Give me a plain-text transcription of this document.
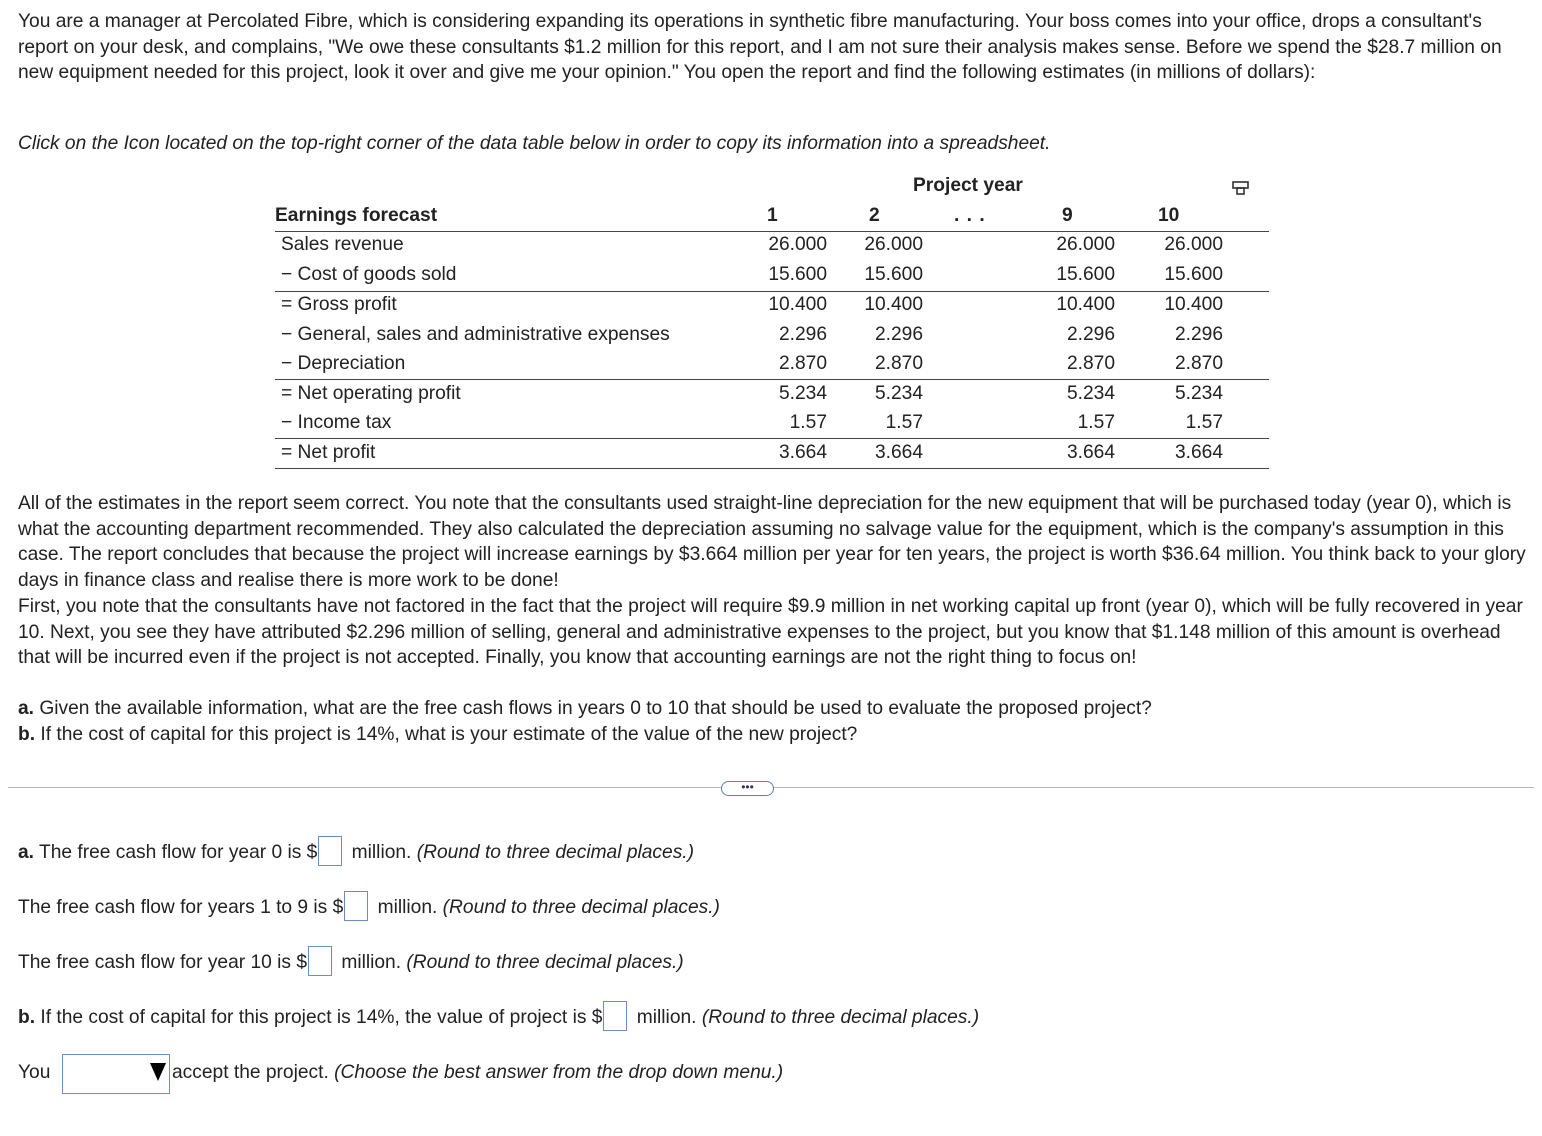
You are a manager at Percolated Fibre, which is considering expanding its operations in synthetic fibre manufacturing. Your boss comes into your office, drops a consultant's report on your desk, and complains, "We owe these consultants $1.2 million for this report, and I am not sure their analysis makes sense. Before we spend the $28.7 million on new equipment needed for this project, look it over and give me your opinion." You open the report and find the following estimates (in millions of dollars):

Click on the Icon located on the top-right corner of the data table below in order to copy its information into a spreadsheet.
Project year
Earnings forecast	1	2	. . .	9	10
Sales revenue	26.000	26.000	26.000	26.000
− Cost of goods sold	15.600	15.600	15.600	15.600
= Gross profit	10.400	10.400	10.400	10.400
− General, sales and administrative expenses	2.296	2.296	2.296	2.296
− Depreciation	2.870	2.870	2.870	2.870
= Net operating profit	5.234	5.234	5.234	5.234
− Income tax	1.57	1.57	1.57	1.57
= Net profit	3.664	3.664	3.664	3.664

All of the estimates in the report seem correct. You note that the consultants used straight-line depreciation for the new equipment that will be purchased today (year 0), which is what the accounting department recommended. They also calculated the depreciation assuming no salvage value for the equipment, which is the company's assumption in this case. The report concludes that because the project will increase earnings by $3.664 million per year for ten years, the project is worth $36.64 million. You think back to your glory days in finance class and realise there is more work to be done!

First, you note that the consultants have not factored in the fact that the project will require $9.9 million in net working capital up front (year 0), which will be fully recovered in year 10. Next, you see they have attributed $2.296 million of selling, general and administrative expenses to the project, but you know that $1.148 million of this amount is overhead that will be incurred even if the project is not accepted. Finally, you know that accounting earnings are not the right thing to focus on!

a. Given the available information, what are the free cash flows in years 0 to 10 that should be used to evaluate the proposed project?
b. If the cost of capital for this project is 14%, what is your estimate of the value of the new project?
•••
a. The free cash flow for year 0 is $ million. (Round to three decimal places.)
The free cash flow for years 1 to 9 is $ million. (Round to three decimal places.)
The free cash flow for year 10 is $ million. (Round to three decimal places.)
b. If the cost of capital for this project is 14%, the value of project is $ million. (Round to three decimal places.)
You	accept the project. (Choose the best answer from the drop down menu.)
